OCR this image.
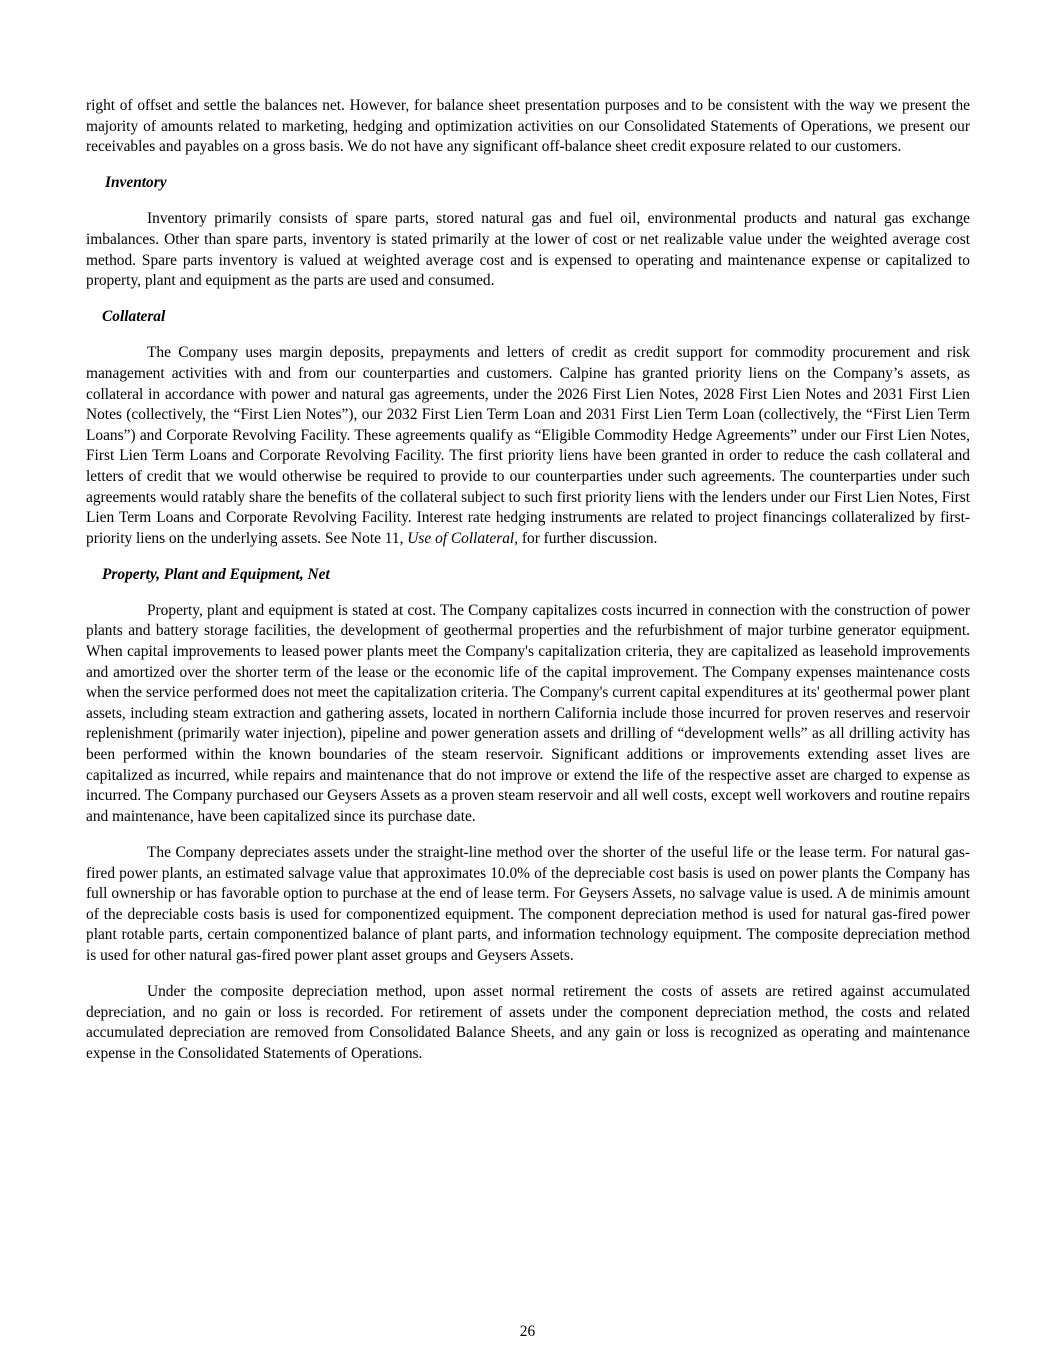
right of offset and settle the balances net. However, for balance sheet presentation purposes and to be consistent with the way we present the majority of amounts related to marketing, hedging and optimization activities on our Consolidated Statements of Operations, we present our receivables and payables on a gross basis. We do not have any significant off-balance sheet credit exposure related to our customers.

Inventory

Inventory primarily consists of spare parts, stored natural gas and fuel oil, environmental products and natural gas exchange imbalances. Other than spare parts, inventory is stated primarily at the lower of cost or net realizable value under the weighted average cost method. Spare parts inventory is valued at weighted average cost and is expensed to operating and maintenance expense or capitalized to property, plant and equipment as the parts are used and consumed.

Collateral

The Company uses margin deposits, prepayments and letters of credit as credit support for commodity procurement and risk management activities with and from our counterparties and customers. Calpine has granted priority liens on the Company’s assets, as collateral in accordance with power and natural gas agreements, under the 2026 First Lien Notes, 2028 First Lien Notes and 2031 First Lien Notes (collectively, the “First Lien Notes”), our 2032 First Lien Term Loan and 2031 First Lien Term Loan (collectively, the “First Lien Term Loans”) and Corporate Revolving Facility. These agreements qualify as “Eligible Commodity Hedge Agreements” under our First Lien Notes, First Lien Term Loans and Corporate Revolving Facility. The first priority liens have been granted in order to reduce the cash collateral and letters of credit that we would otherwise be required to provide to our counterparties under such agreements. The counterparties under such agreements would ratably share the benefits of the collateral subject to such first priority liens with the lenders under our First Lien Notes, First Lien Term Loans and Corporate Revolving Facility. Interest rate hedging instruments are related to project financings collateralized by first-priority liens on the underlying assets. See Note 11, Use of Collateral, for further discussion.

Property, Plant and Equipment, Net

Property, plant and equipment is stated at cost. The Company capitalizes costs incurred in connection with the construction of power plants and battery storage facilities, the development of geothermal properties and the refurbishment of major turbine generator equipment. When capital improvements to leased power plants meet the Company's capitalization criteria, they are capitalized as leasehold improvements and amortized over the shorter term of the lease or the economic life of the capital improvement. The Company expenses maintenance costs when the service performed does not meet the capitalization criteria. The Company's current capital expenditures at its' geothermal power plant assets, including steam extraction and gathering assets, located in northern California include those incurred for proven reserves and reservoir replenishment (primarily water injection), pipeline and power generation assets and drilling of “development wells” as all drilling activity has been performed within the known boundaries of the steam reservoir. Significant additions or improvements extending asset lives are capitalized as incurred, while repairs and maintenance that do not improve or extend the life of the respective asset are charged to expense as incurred. The Company purchased our Geysers Assets as a proven steam reservoir and all well costs, except well workovers and routine repairs and maintenance, have been capitalized since its purchase date.

The Company depreciates assets under the straight-line method over the shorter of the useful life or the lease term. For natural gas-fired power plants, an estimated salvage value that approximates 10.0% of the depreciable cost basis is used on power plants the Company has full ownership or has favorable option to purchase at the end of lease term. For Geysers Assets, no salvage value is used. A de minimis amount of the depreciable costs basis is used for componentized equipment. The component depreciation method is used for natural gas-fired power plant rotable parts, certain componentized balance of plant parts, and information technology equipment. The composite depreciation method is used for other natural gas-fired power plant asset groups and Geysers Assets.

Under the composite depreciation method, upon asset normal retirement the costs of assets are retired against accumulated depreciation, and no gain or loss is recorded. For retirement of assets under the component depreciation method, the costs and related accumulated depreciation are removed from Consolidated Balance Sheets, and any gain or loss is recognized as operating and maintenance expense in the Consolidated Statements of Operations.

26
